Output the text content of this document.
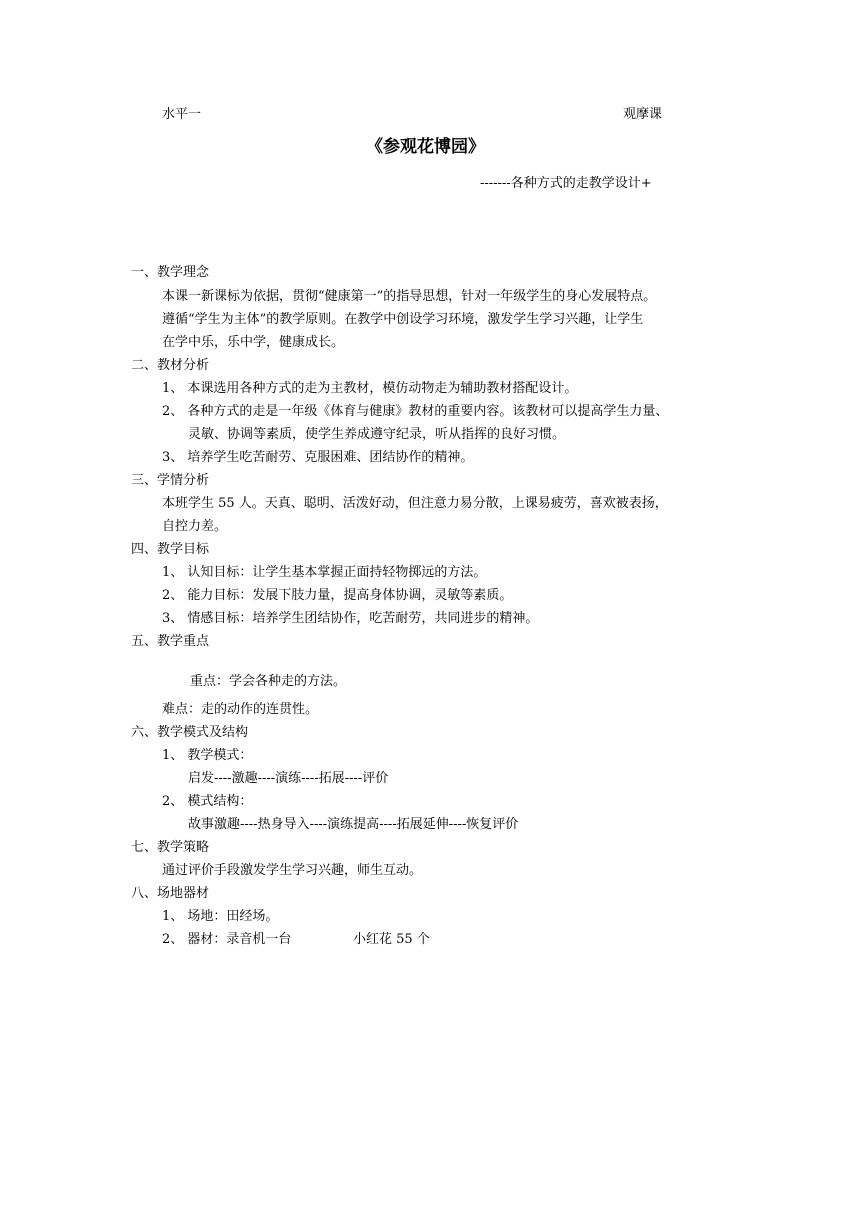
水平一	观摩课
《参观花博园》
-------各种方式的走教学设计+
一、教学理念
本课一新课标为依据，贯彻“健康第一”的指导思想，针对一年级学生的身心发展特点。
遵循“学生为主体”的教学原则。在教学中创设学习环境，激发学生学习兴趣，让学生
在学中乐，乐中学，健康成长。
二、教材分析
1、 本课选用各种方式的走为主教材，模仿动物走为辅助教材搭配设计。
2、 各种方式的走是一年级《体育与健康》教材的重要内容。该教材可以提高学生力量、
灵敏、协调等素质，使学生养成遵守纪录，听从指挥的良好习惯。
3、 培养学生吃苦耐劳、克服困难、团结协作的精神。
三、学情分析
本班学生 55 人。天真、聪明、活泼好动，但注意力易分散，上课易疲劳，喜欢被表扬，
自控力差。
四、教学目标
1、 认知目标：让学生基本掌握正面持轻物掷远的方法。
2、 能力目标：发展下肢力量，提高身体协调，灵敏等素质。
3、 情感目标：培养学生团结协作，吃苦耐劳，共同进步的精神。
五、教学重点
重点：学会各种走的方法。
难点：走的动作的连贯性。
六、教学模式及结构
1、 教学模式：
启发----激趣----演练----拓展----评价
2、 模式结构：
故事激趣----热身导入----演练提高----拓展延伸----恢复评价
七、教学策略
通过评价手段激发学生学习兴趣，师生互动。
八、场地器材
1、 场地：田经场。
2、 器材：录音机一台	小红花 55 个
